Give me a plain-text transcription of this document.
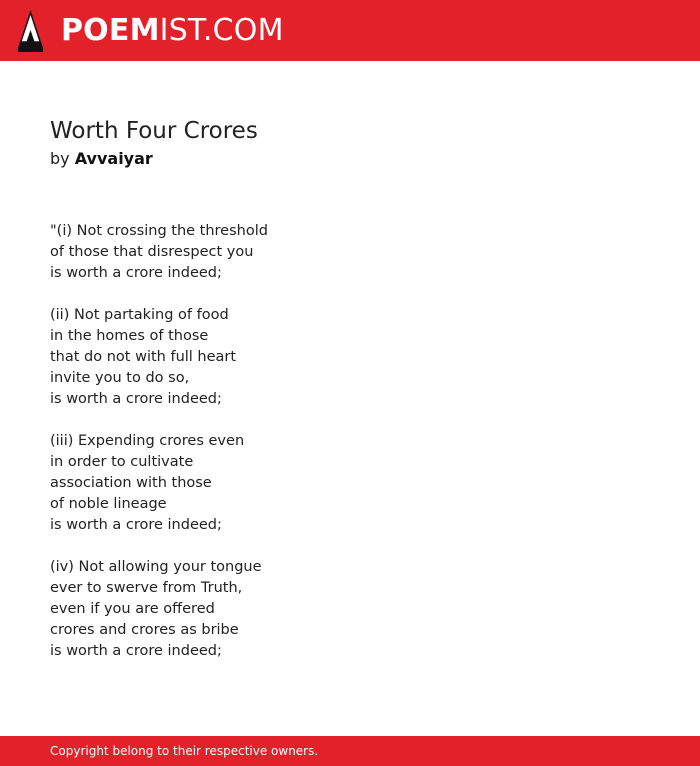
POEMIST.COM
Worth Four Crores
by Avvaiyar
"(i) Not crossing the threshold
of those that disrespect you
is worth a crore indeed;
(ii) Not partaking of food
in the homes of those
that do not with full heart
invite you to do so,
is worth a crore indeed;
(iii) Expending crores even
in order to cultivate
association with those
of noble lineage
is worth a crore indeed;
(iv) Not allowing your tongue
ever to swerve from Truth,
even if you are offered
crores and crores as bribe
is worth a crore indeed;
Copyright belong to their respective owners.
